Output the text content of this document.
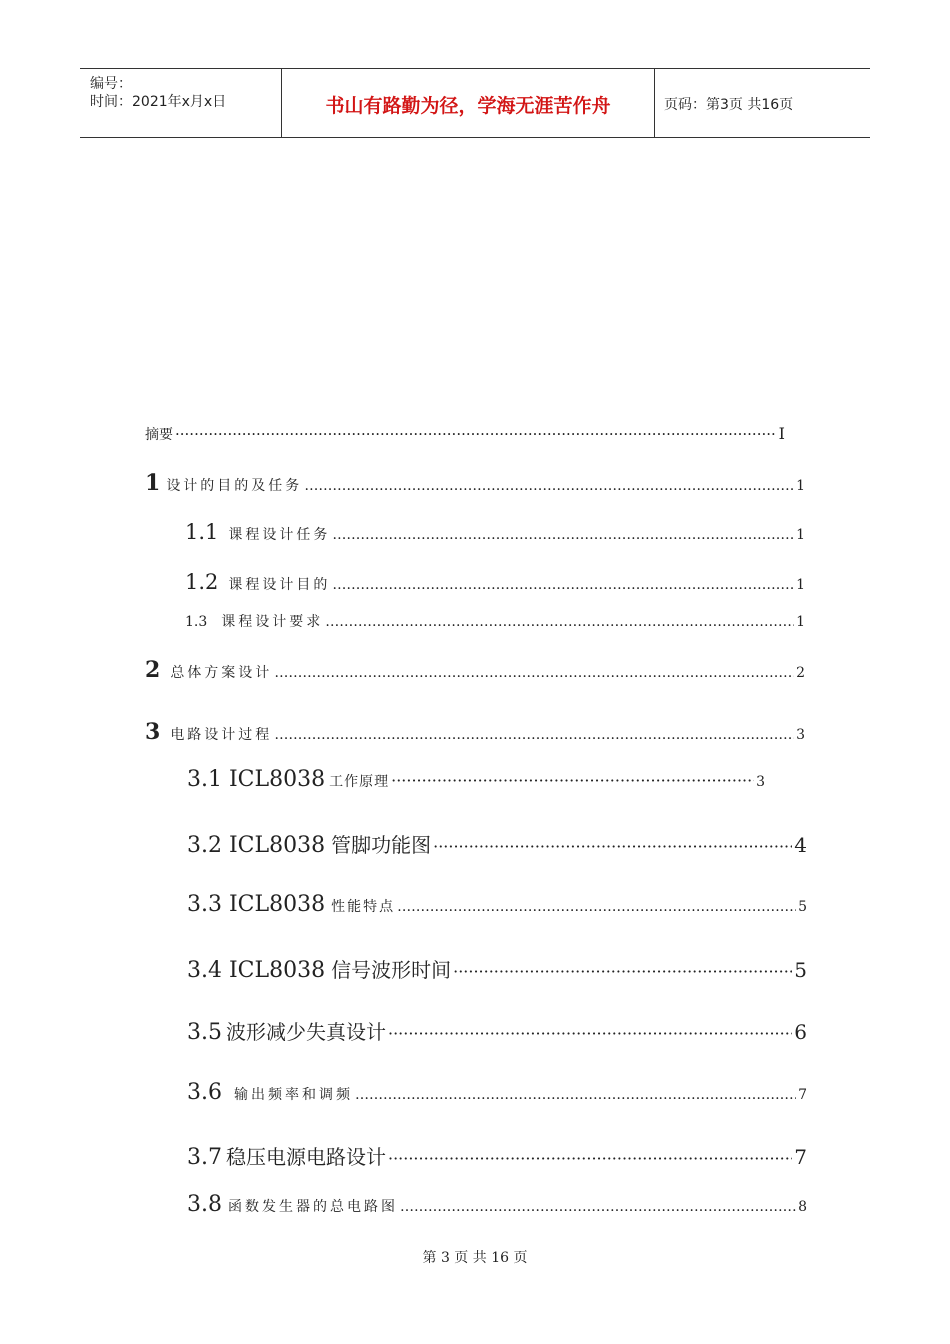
编号：
时间：2021年x月x日	书山有路勤为径，学海无涯苦作舟	页码：第3页 共16页
摘要 ·····	I
1 设计的目的及任务 …………………………………………………………………………………………………………………………………………………	1
1.1 课程设计任务 …………………………………………………………………………………………………………………………………………………	1
1.2 课程设计目的 …………………………………………………………………………………………………………………………………………………	1
1.3 课程设计要求 …………………………………………………………………………………………………………………………………………………	1
2 总体方案设计 …………………………………………………………………………………………………………………………………………………	2
3 电路设计过程 …………………………………………………………………………………………………………………………………………………	3
3.1 ICL8038 工作原理 ·····	3
3.2 ICL8038 管脚功能图 ·····	4
3.3 ICL8038 性能特点 …………………………………………………………………………………………………………………………………………………	5
3.4 ICL8038 信号波形时间 ·····	5
3.5 波形减少失真设计 ·····	6
3.6 输出频率和调频 …………………………………………………………………………………………………………………………………………………	7
3.7 稳压电源电路设计 ·····	7
3.8 函数发生器的总电路图 …………………………………………………………………………………………………………………………………………………	8
第 3 页 共 16 页
